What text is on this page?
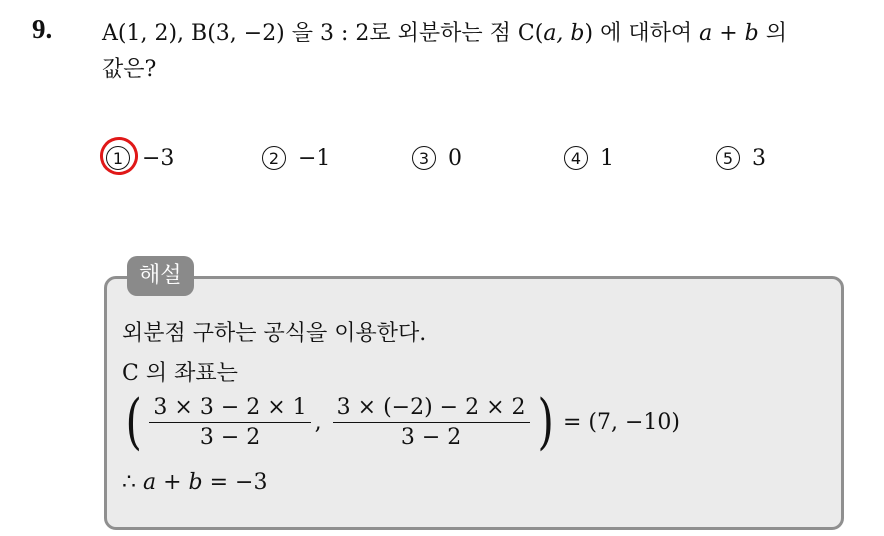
9. A(1, 2), B(3, −2) 을 3 : 2로 외분하는 점 C(a, b) 에 대하여 a + b 의
값은?
1 −3	2 −1	3 0	4 1	5 3
해설
외분점 구하는 공식을 이용한다.
C 의 좌표는
( $\frac{3 \times 3 - 2 \times 1}{3 - 2}$ , $\frac{3 \times (-2) - 2 \times 2}{3 - 2}$ ) = (7, −10)
∴ a + b = −3
